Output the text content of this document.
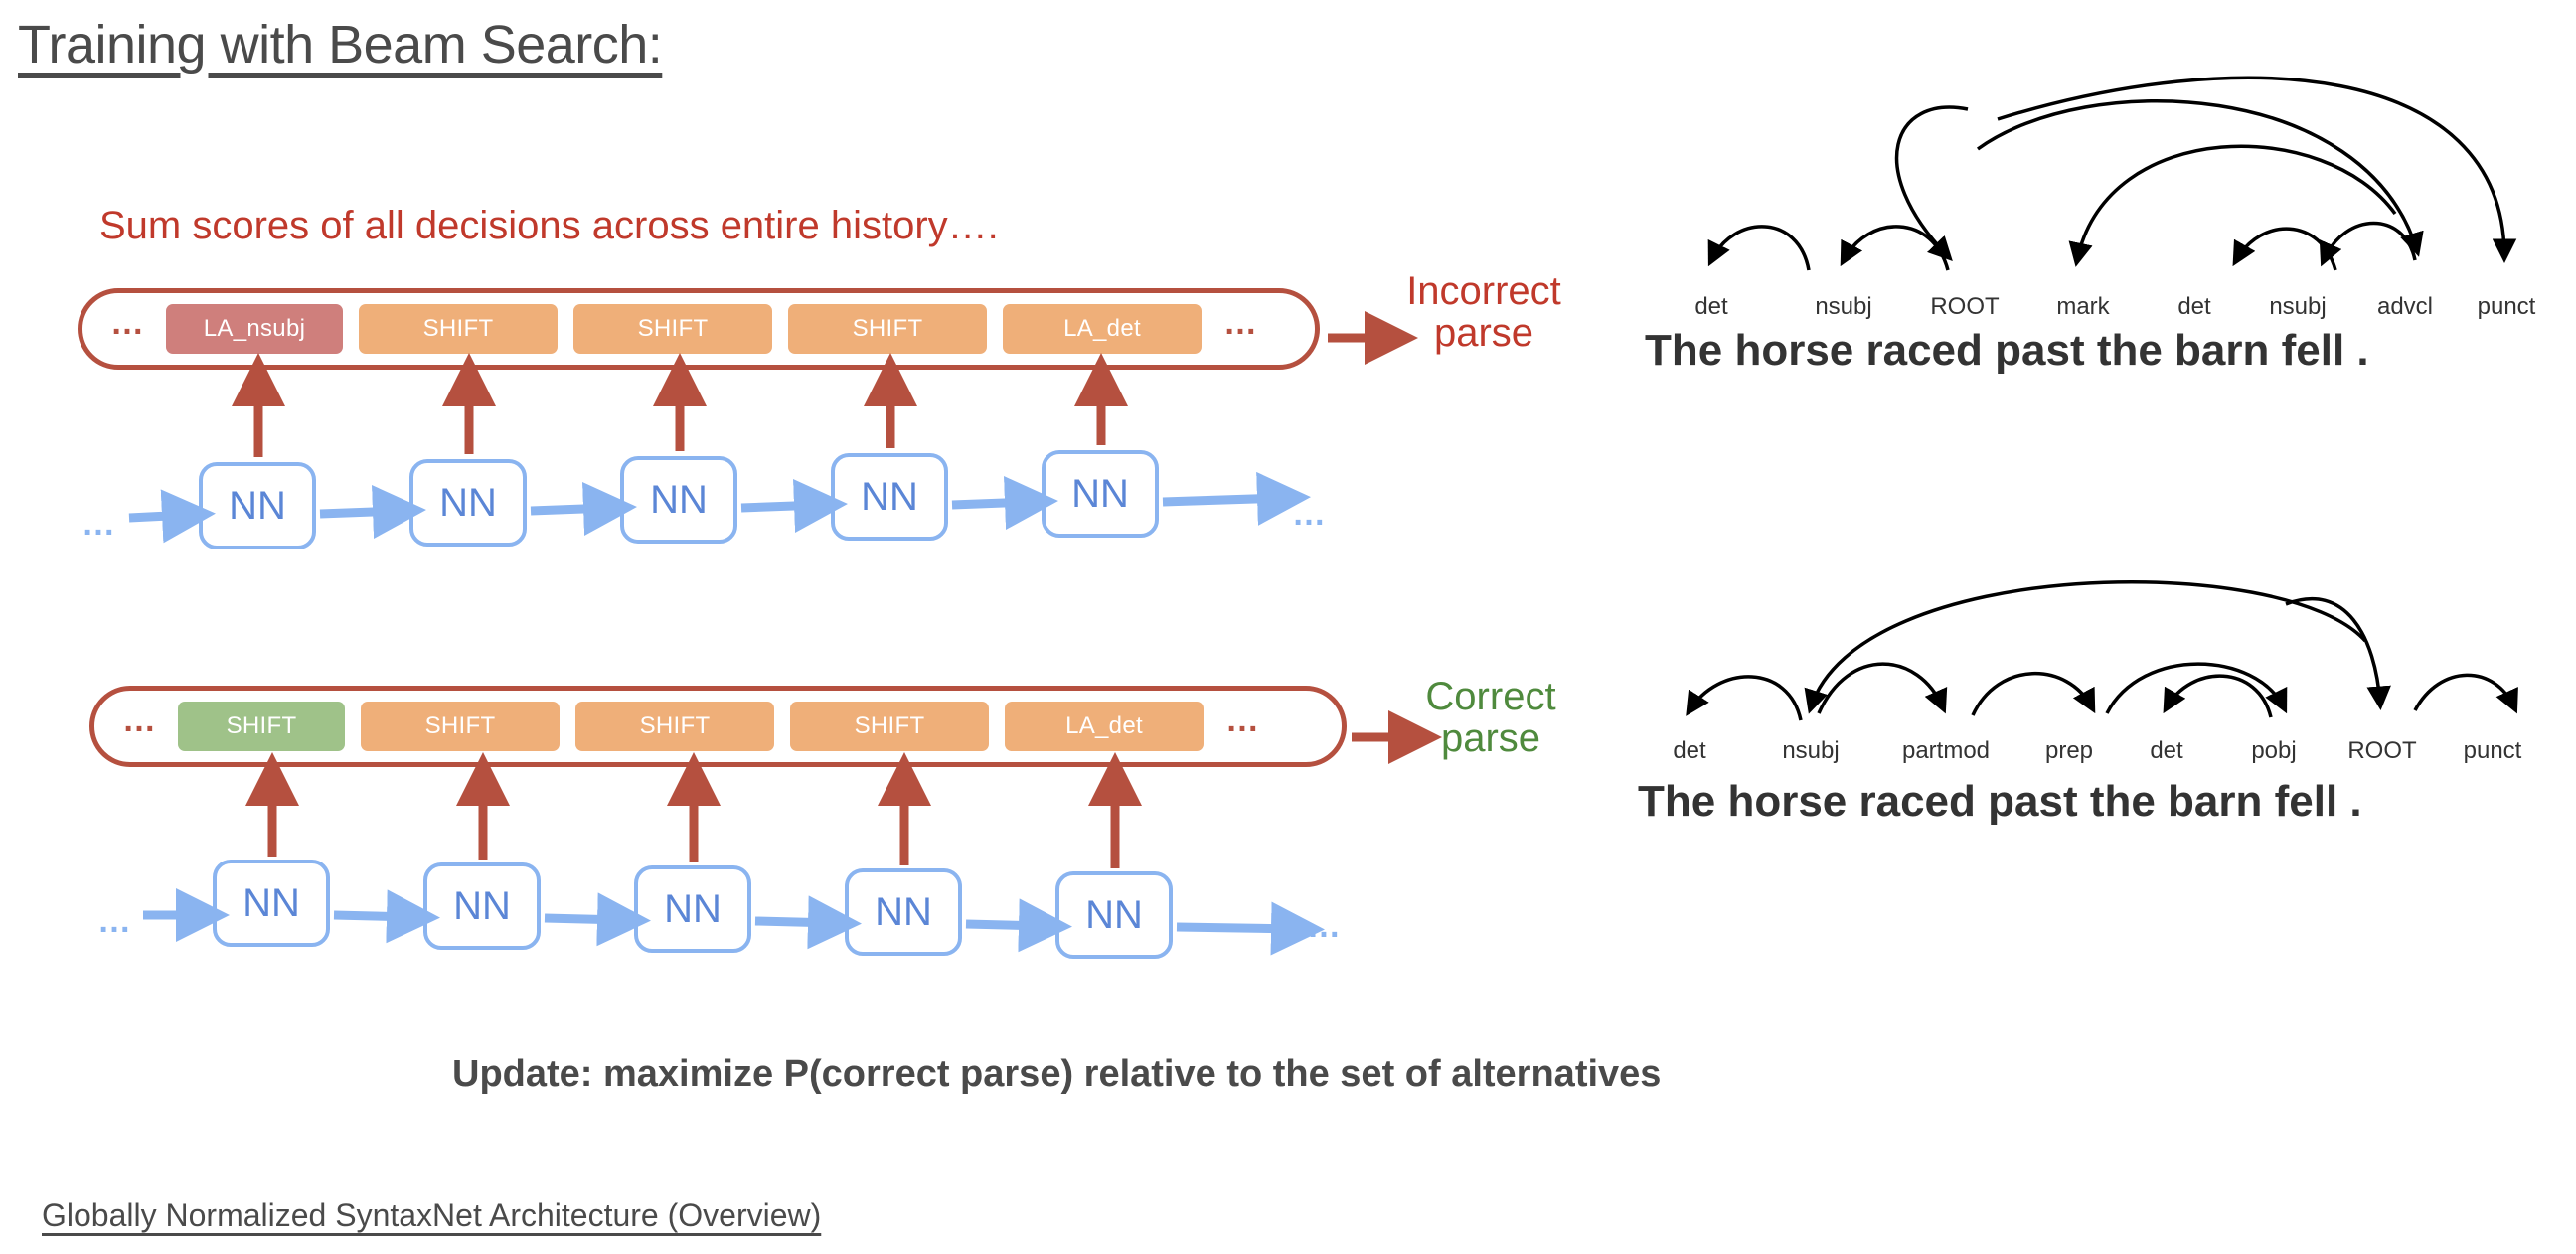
Training with Beam Search:
Sum scores of all decisions across entire history….
…	LA_nsubj	SHIFT	SHIFT	SHIFT	LA_det	…
Incorrect
parse
…	NN	NN	NN	NN	NN	…
…	SHIFT	SHIFT	SHIFT	SHIFT	LA_det	…
Correct
parse
…	NN	NN	NN	NN	NN	…
det	nsubj ROOT mark	det nsubj advcl punct
The horse raced past the barn fell .
det	nsubj	partmod prep det	pobj ROOT punct
The horse raced past the barn fell .
Update: maximize P(correct parse) relative to the set of alternatives
Globally Normalized SyntaxNet Architecture (Overview)
